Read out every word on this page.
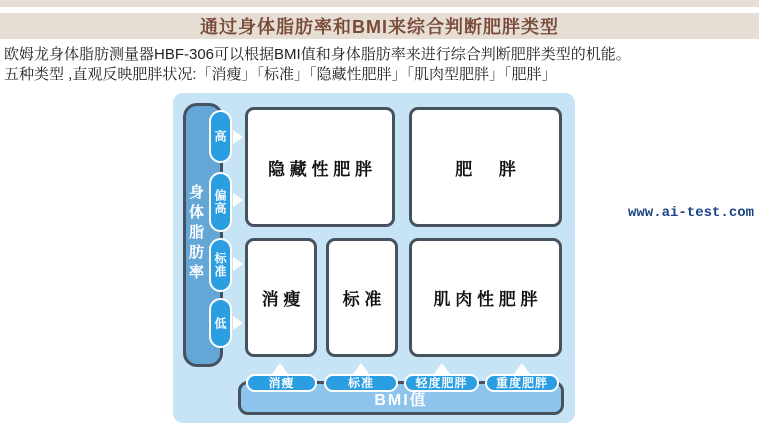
通过身体脂肪率和BMI来综合判断肥胖类型
欧姆龙身体脂肪测量器HBF-306可以根据BMI值和身体脂肪率来进行综合判断肥胖类型的机能。
五种类型 ,直观反映肥胖状况:「消瘦」「标准」「隐藏性肥胖」「肌肉型肥胖」「肥胖」
www.ai-test.com
身体脂肪率
高
偏高
标准
低
隐藏性肥胖	肥　胖
消瘦 标准	肌肉性肥胖
BMI值
消瘦	标准	轻度肥胖 重度肥胖
